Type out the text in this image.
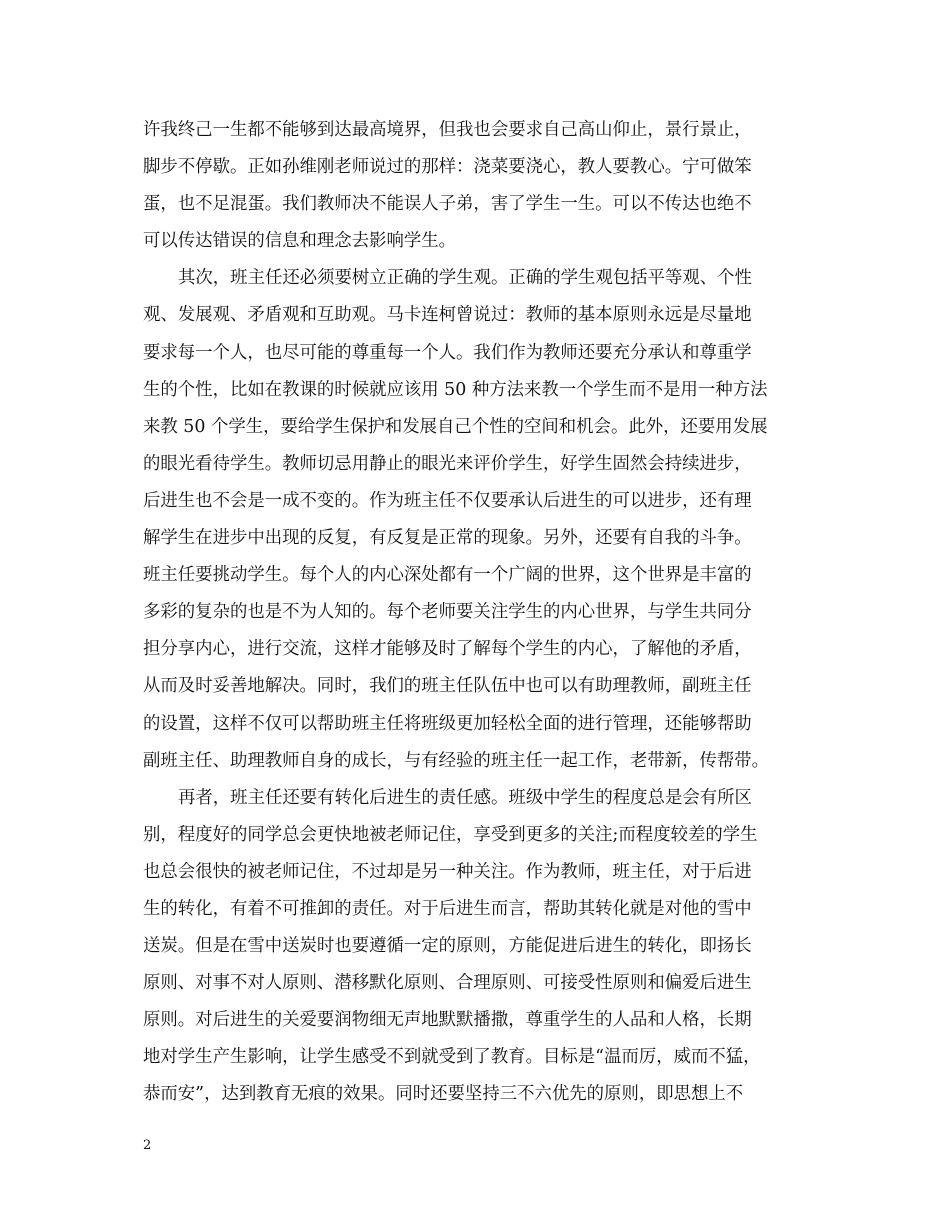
许我终己一生都不能够到达最高境界，但我也会要求自己高山仰止，景行景止，
脚步不停歇。正如孙维刚老师说过的那样：浇菜要浇心，教人要教心。宁可做笨
蛋，也不足混蛋。我们教师决不能误人子弟，害了学生一生。可以不传达也绝不
可以传达错误的信息和理念去影响学生。
其次，班主任还必须要树立正确的学生观。正确的学生观包括平等观、个性
观、发展观、矛盾观和互助观。马卡连柯曾说过：教师的基本原则永远是尽量地
要求每一个人，也尽可能的尊重每一个人。我们作为教师还要充分承认和尊重学
生的个性，比如在教课的时候就应该用 50 种方法来教一个学生而不是用一种方法
来教 50 个学生，要给学生保护和发展自己个性的空间和机会。此外，还要用发展
的眼光看待学生。教师切忌用静止的眼光来评价学生，好学生固然会持续进步，
后进生也不会是一成不变的。作为班主任不仅要承认后进生的可以进步，还有理
解学生在进步中出现的反复，有反复是正常的现象。另外，还要有自我的斗争。
班主任要挑动学生。每个人的内心深处都有一个广阔的世界，这个世界是丰富的
多彩的复杂的也是不为人知的。每个老师要关注学生的内心世界，与学生共同分
担分享内心，进行交流，这样才能够及时了解每个学生的内心，了解他的矛盾，
从而及时妥善地解决。同时，我们的班主任队伍中也可以有助理教师，副班主任
的设置，这样不仅可以帮助班主任将班级更加轻松全面的进行管理，还能够帮助
副班主任、助理教师自身的成长，与有经验的班主任一起工作，老带新，传帮带。
再者，班主任还要有转化后进生的责任感。班级中学生的程度总是会有所区
别，程度好的同学总会更快地被老师记住，享受到更多的关注;而程度较差的学生
也总会很快的被老师记住，不过却是另一种关注。作为教师，班主任，对于后进
生的转化，有着不可推卸的责任。对于后进生而言，帮助其转化就是对他的雪中
送炭。但是在雪中送炭时也要遵循一定的原则，方能促进后进生的转化，即扬长
原则、对事不对人原则、潜移默化原则、合理原则、可接受性原则和偏爱后进生
原则。对后进生的关爱要润物细无声地默默播撒，尊重学生的人品和人格，长期
地对学生产生影响，让学生感受不到就受到了教育。目标是“温而厉，威而不猛，
恭而安”，达到教育无痕的效果。同时还要坚持三不六优先的原则，即思想上不
2
